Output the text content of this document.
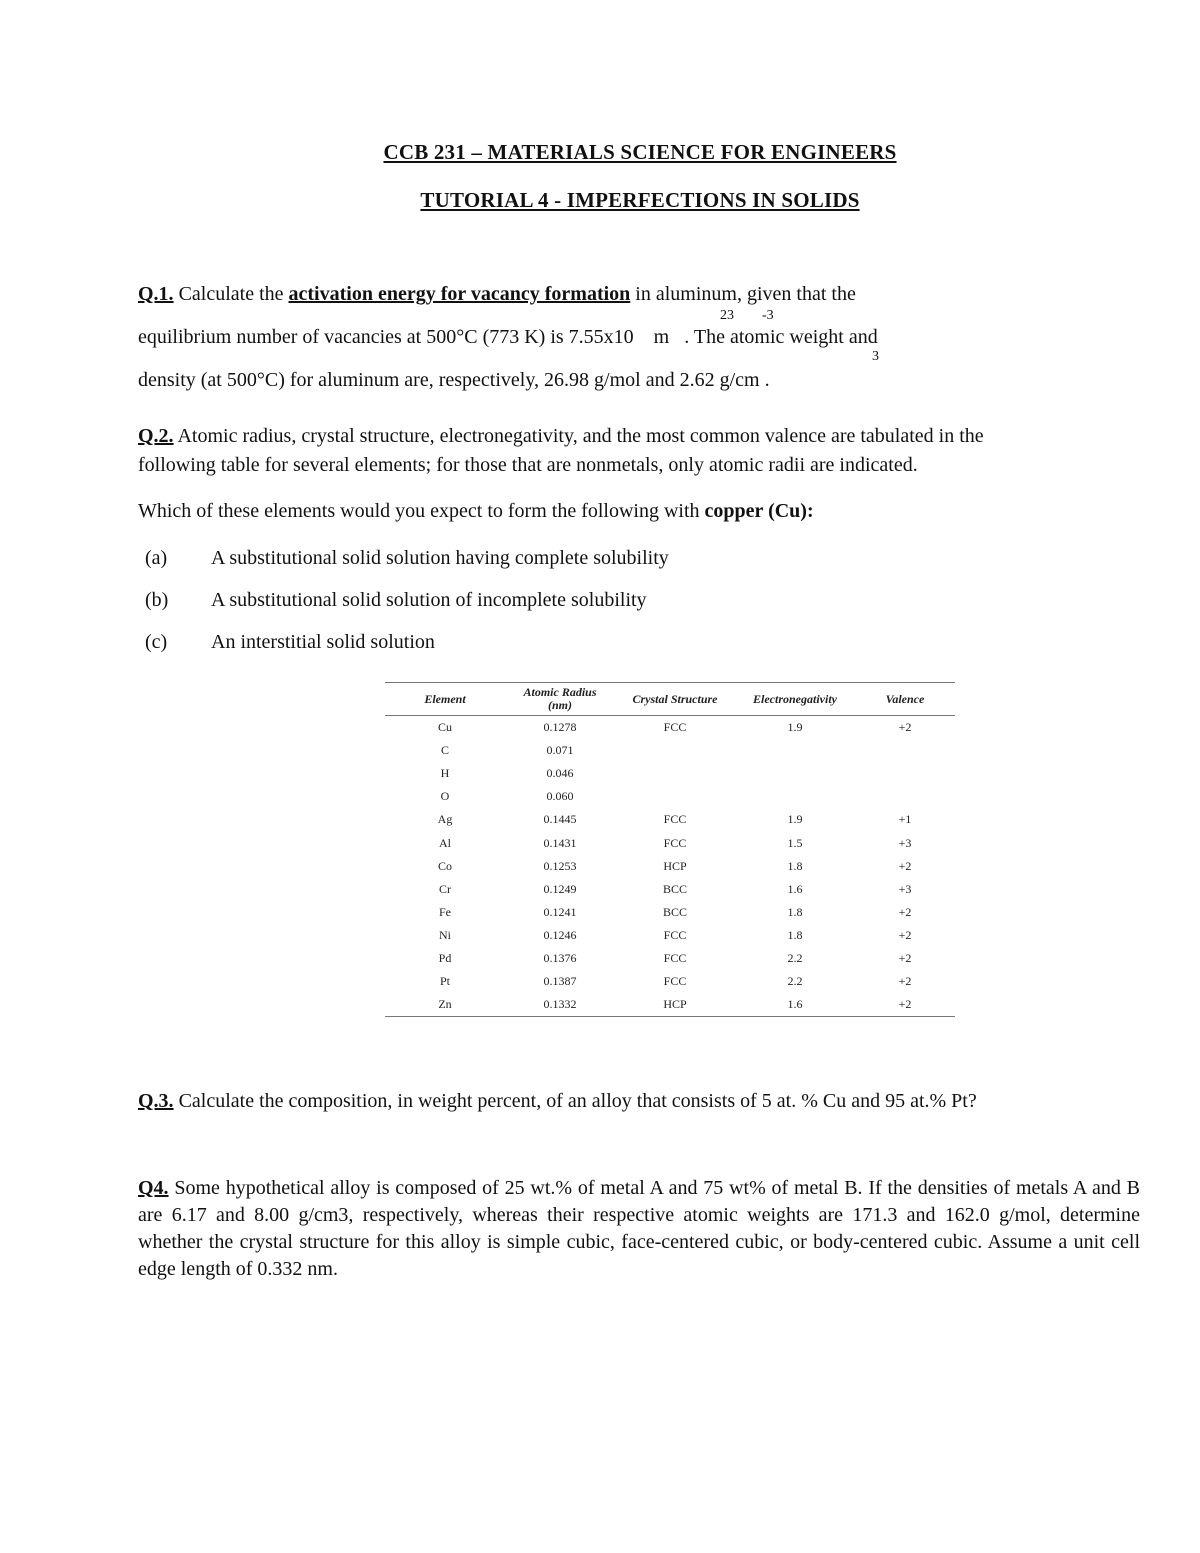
CCB 231 – MATERIALS SCIENCE FOR ENGINEERS
TUTORIAL 4 - IMPERFECTIONS IN SOLIDS
Q.1. Calculate the activation energy for vacancy formation in aluminum, given that the
23 -3
equilibrium number of vacancies at 500°C (773 K) is 7.55x10    m   . The atomic weight and
3
density (at 500°C) for aluminum are, respectively, 26.98 g/mol and 2.62 g/cm .
Q.2. Atomic radius, crystal structure, electronegativity, and the most common valence are tabulated in the
following table for several elements; for those that are nonmetals, only atomic radii are indicated.
Which of these elements would you expect to form the following with copper (Cu):
(a) A substitutional solid solution having complete solubility
(b) A substitutional solid solution of incomplete solubility
(c) An interstitial solid solution
Element	Atomic Radius (nm)	Crystal Structure	Electronegativity	Valence
Cu	0.1278	FCC	1.9	+2
C	0.071			
H	0.046			
O	0.060			
Ag	0.1445	FCC	1.9	+1
Al	0.1431	FCC	1.5	+3
Co	0.1253	HCP	1.8	+2
Cr	0.1249	BCC	1.6	+3
Fe	0.1241	BCC	1.8	+2
Ni	0.1246	FCC	1.8	+2
Pd	0.1376	FCC	2.2	+2
Pt	0.1387	FCC	2.2	+2
Zn	0.1332	HCP	1.6	+2
Q.3. Calculate the composition, in weight percent, of an alloy that consists of 5 at. % Cu and 95 at.% Pt?
Q4. Some hypothetical alloy is composed of 25 wt.% of metal A and 75 wt% of metal B. If the densities of metals A and B are 6.17 and 8.00 g/cm3, respectively, whereas their respective atomic weights are 171.3 and 162.0 g/mol, determine whether the crystal structure for this alloy is simple cubic, face-centered cubic, or body-centered cubic. Assume a unit cell edge length of 0.332 nm.
